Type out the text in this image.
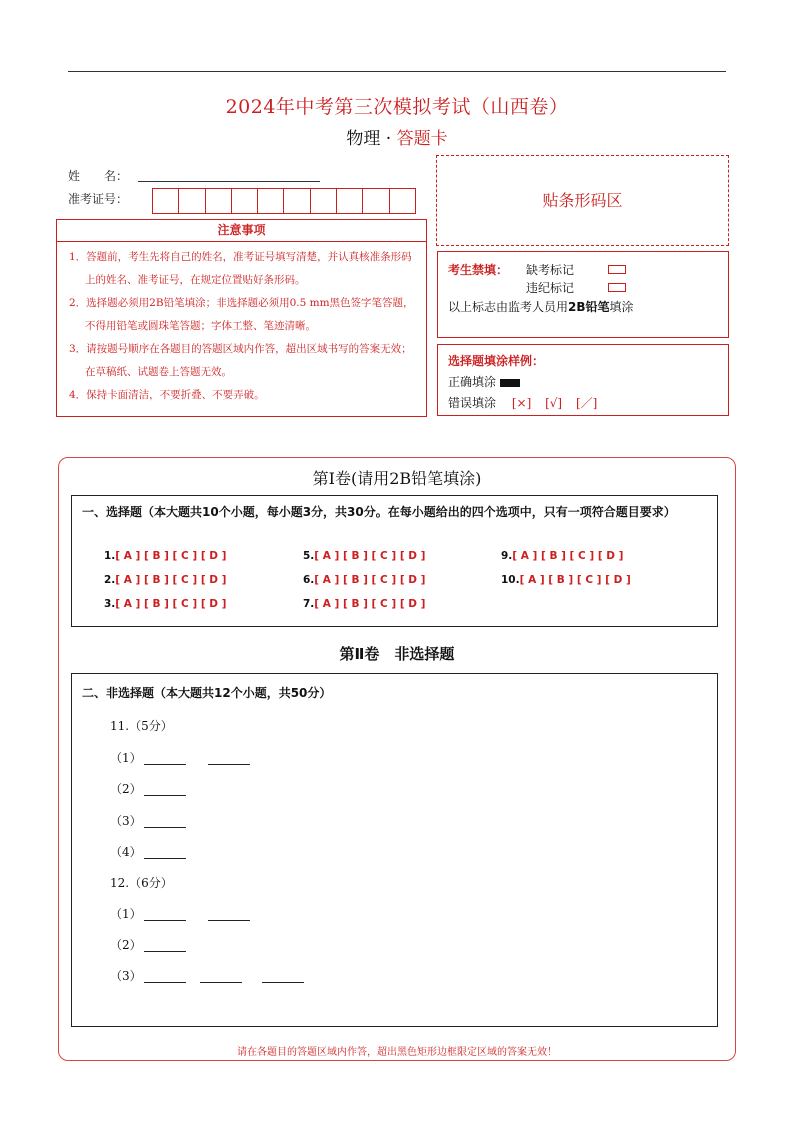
2024年中考第三次模拟考试（山西卷）
物理 · 答题卡
姓　　名：
准考证号：
注意事项
1．答题前，考生先将自己的姓名，准考证号填写清楚，并认真核准条形码上的姓名、准考证号，在规定位置贴好条形码。
2．选择题必须用2B铅笔填涂；非选择题必须用0.5 mm黑色签字笔答题，不得用铅笔或圆珠笔答题；字体工整、笔迹清晰。
3．请按题号顺序在各题目的答题区域内作答，超出区域书写的答案无效；在草稿纸、试题卷上答题无效。
4．保持卡面清洁，不要折叠、不要弄破。
贴条形码区
考生禁填： 缺考标记
违纪标记
以上标志由监考人员用2B铅笔填涂
选择题填涂样例：
正确填涂
错误填涂 [×] [√] [／]
第Ⅰ卷(请用2B铅笔填涂)
一、选择题（本大题共10个小题，每小题3分，共30分。在每小题给出的四个选项中，只有一项符合题目要求）
1.[ A ] [ B ] [ C ] [ D ]
2.[ A ] [ B ] [ C ] [ D ]
3.[ A ] [ B ] [ C ] [ D ]
5.[ A ] [ B ] [ C ] [ D ]
6.[ A ] [ B ] [ C ] [ D ]
7.[ A ] [ B ] [ C ] [ D ]
9.[ A ] [ B ] [ C ] [ D ]
10.[ A ] [ B ] [ C ] [ D ]
第Ⅱ卷　非选择题
二、非选择题（本大题共12个小题，共50分）
11.（5分）
（1）
（2）
（3）
（4）
12.（6分）
（1）
（2）
（3）
请在各题目的答题区域内作答，超出黑色矩形边框限定区域的答案无效！
